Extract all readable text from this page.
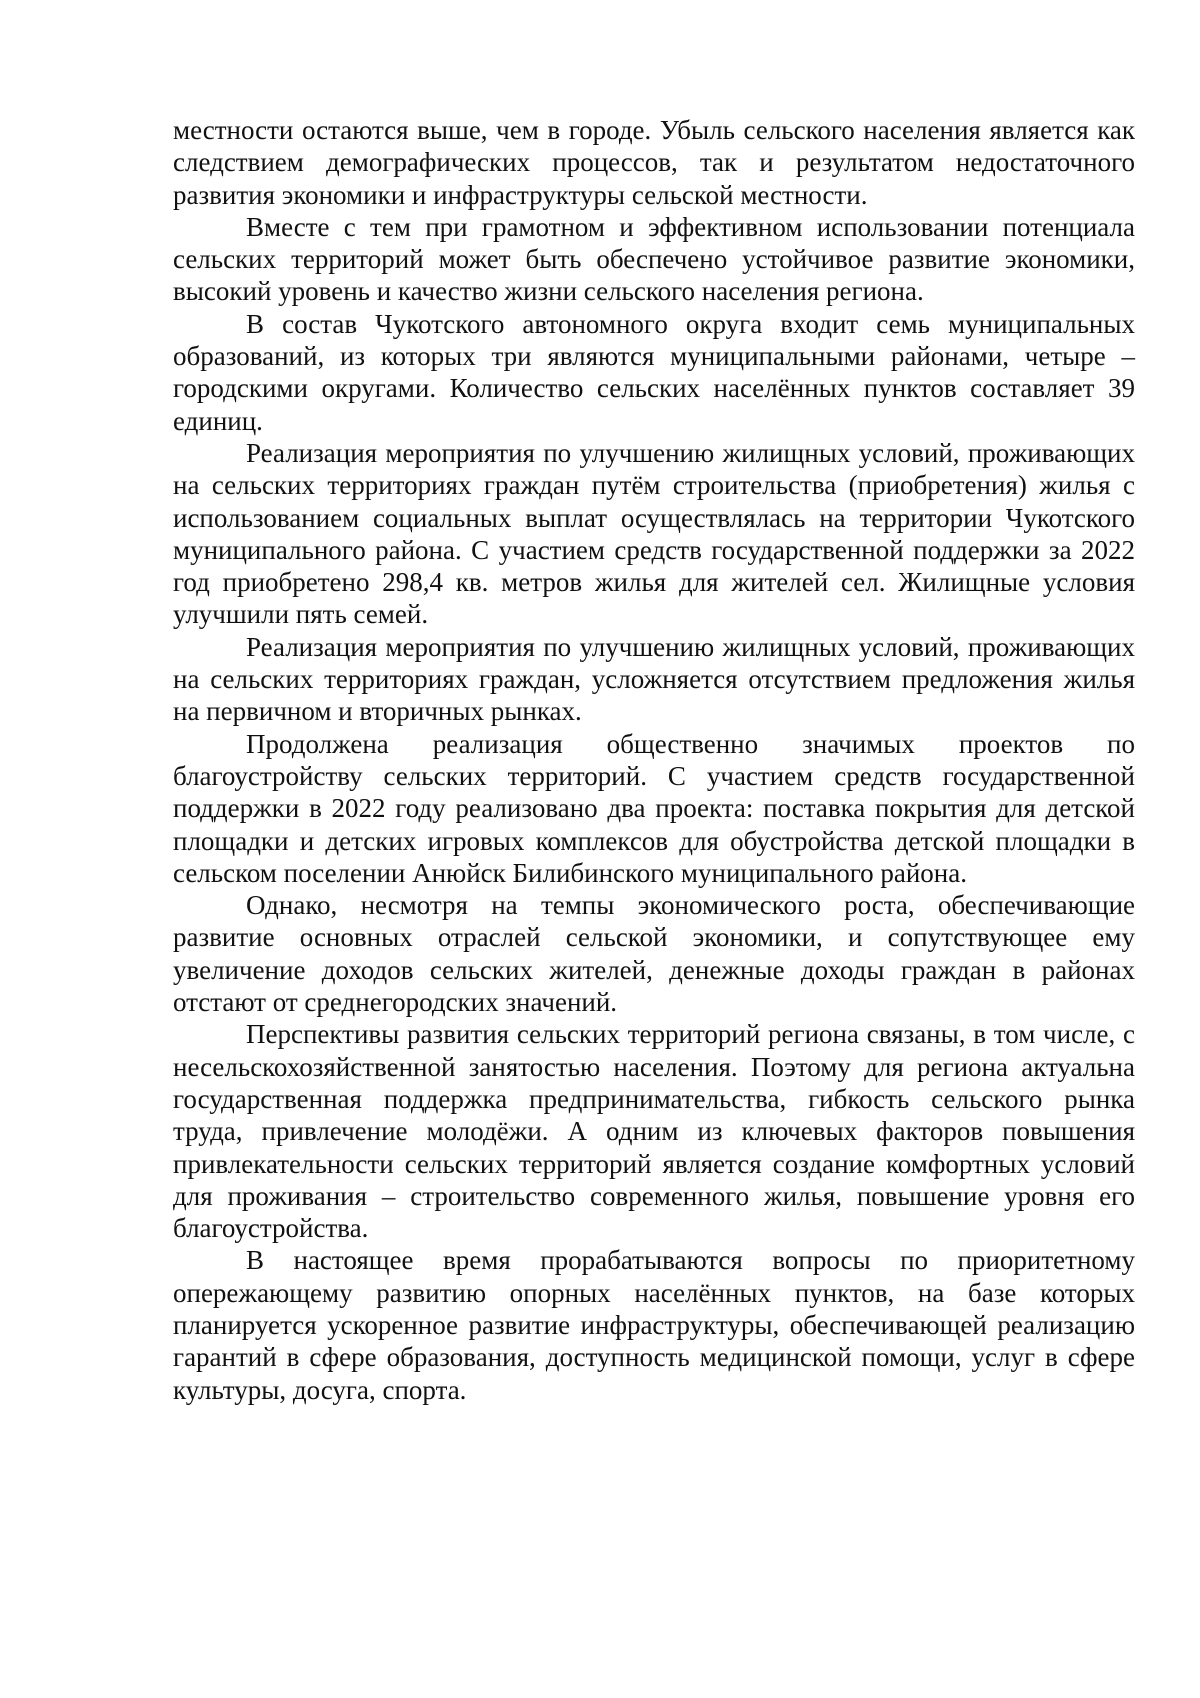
местности остаются выше, чем в городе. Убыль сельского населения является как следствием демографических процессов, так и результатом недостаточного развития экономики и инфраструктуры сельской местности.

Вместе с тем при грамотном и эффективном использовании потенциала сельских территорий может быть обеспечено устойчивое развитие экономики, высокий уровень и качество жизни сельского населения региона.

В состав Чукотского автономного округа входит семь муниципальных образований, из которых три являются муниципальными районами, четыре – городскими округами. Количество сельских населённых пунктов составляет 39 единиц.

Реализация мероприятия по улучшению жилищных условий, проживающих на сельских территориях граждан путём строительства (приобретения) жилья с использованием социальных выплат осуществлялась на территории Чукотского муниципального района. С участием средств государственной поддержки за 2022 год приобретено 298,4 кв. метров жилья для жителей сел. Жилищные условия улучшили пять семей.

Реализация мероприятия по улучшению жилищных условий, проживающих на сельских территориях граждан, усложняется отсутствием предложения жилья на первичном и вторичных рынках.

Продолжена реализация общественно значимых проектов по благоустройству сельских территорий. С участием средств государственной поддержки в 2022 году реализовано два проекта: поставка покрытия для детской площадки и детских игровых комплексов для обустройства детской площадки в сельском поселении Анюйск Билибинского муниципального района.

Однако, несмотря на темпы экономического роста, обеспечивающие развитие основных отраслей сельской экономики, и сопутствующее ему увеличение доходов сельских жителей, денежные доходы граждан в районах отстают от среднегородских значений.

Перспективы развития сельских территорий региона связаны, в том числе, с несельскохозяйственной занятостью населения. Поэтому для региона актуальна государственная поддержка предпринимательства, гибкость сельского рынка труда, привлечение молодёжи. А одним из ключевых факторов повышения привлекательности сельских территорий является создание комфортных условий для проживания – строительство современного жилья, повышение уровня его благоустройства.

В настоящее время прорабатываются вопросы по приоритетному опережающему развитию опорных населённых пунктов, на базе которых планируется ускоренное развитие инфраструктуры, обеспечивающей реализацию гарантий в сфере образования, доступность медицинской помощи, услуг в сфере культуры, досуга, спорта.
